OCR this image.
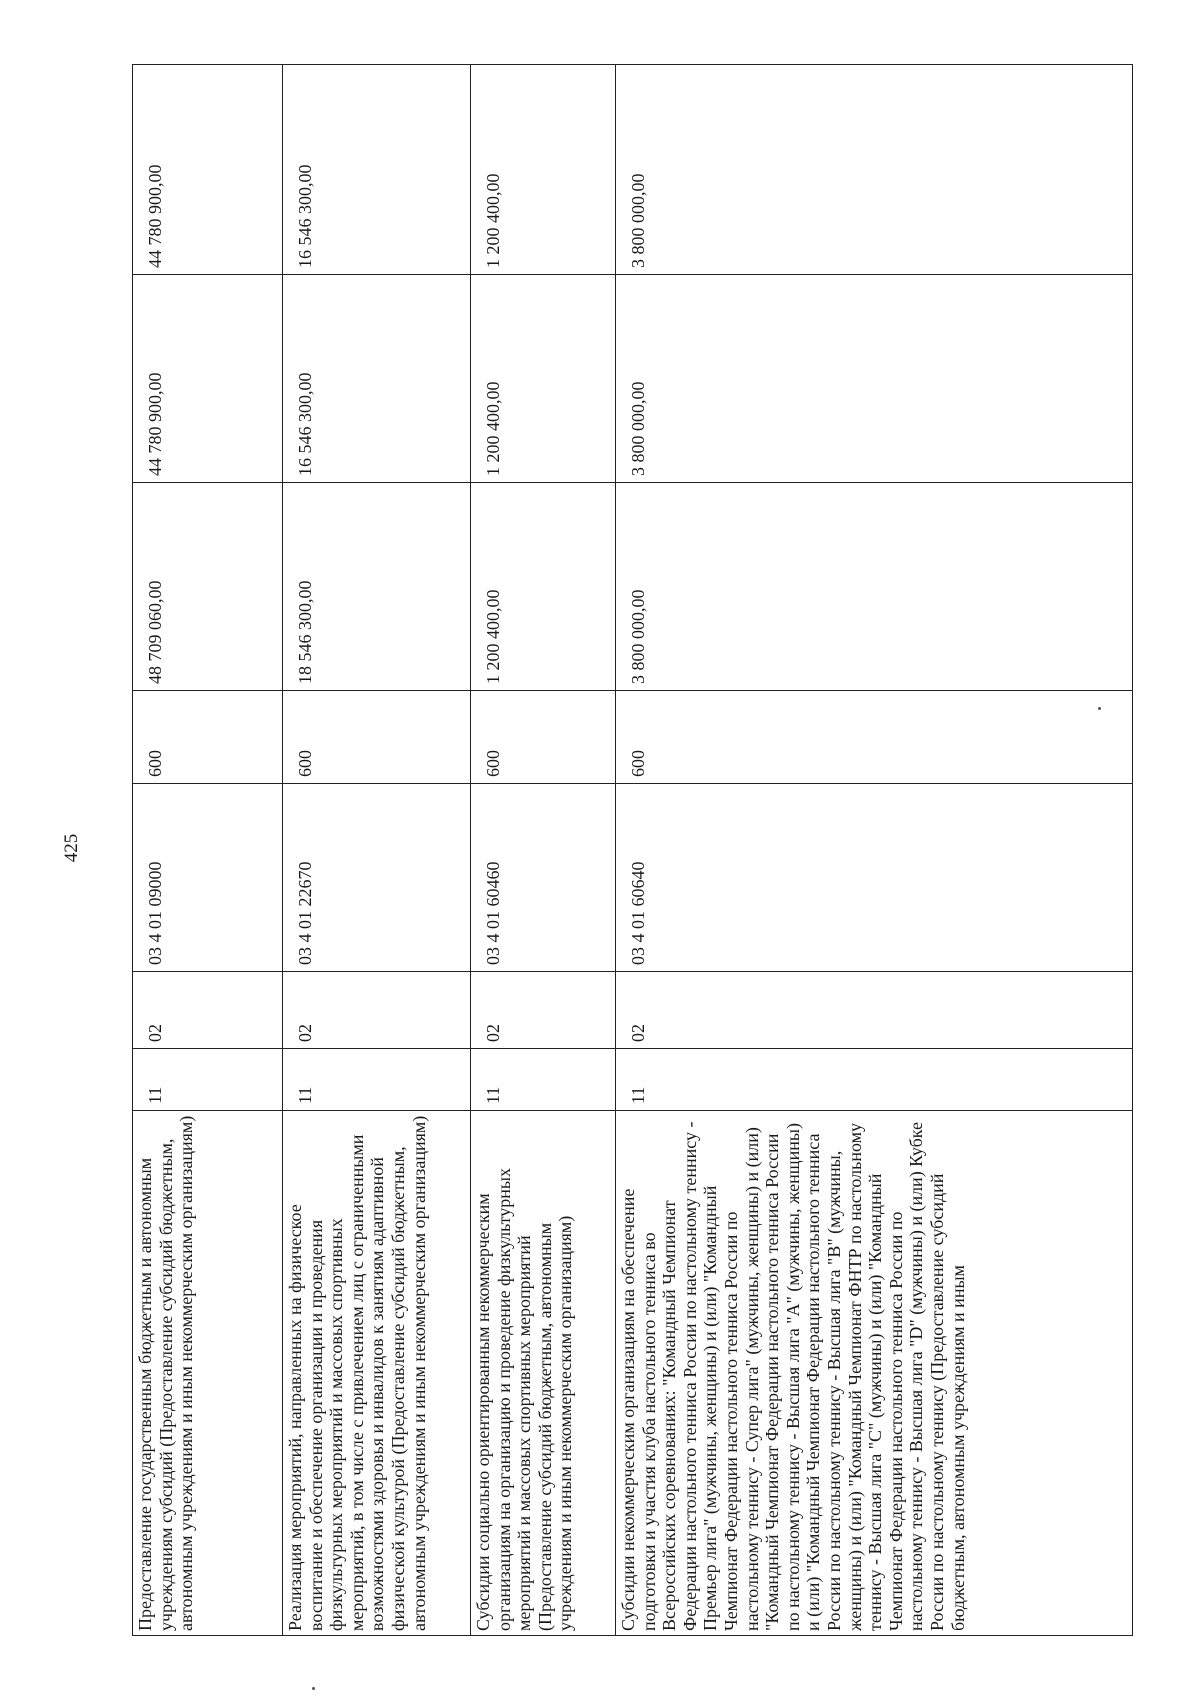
425
Предоставление государственным бюджетным и автономным учреждениям субсидий (Предоставление субсидий бюджетным, автономным учреждениям и иным некоммерческим организациям)	11	02	03 4 01 09000	600	48 709 060,00	44 780 900,00	44 780 900,00
Реализация мероприятий, направленных на физическое воспитание и обеспечение организации и проведения физкультурных мероприятий и массовых спортивных мероприятий, в том числе с привлечением лиц с ограниченными возможностями здоровья и инвалидов к занятиям адаптивной физической культурой (Предоставление субсидий бюджетным, автономным учреждениям и иным некоммерческим организациям)	11	02	03 4 01 22670	600	18 546 300,00	16 546 300,00	16 546 300,00
Субсидии социально ориентированным некоммерческим организациям на организацию и проведение физкультурных мероприятий и массовых спортивных мероприятий (Предоставление субсидий бюджетным, автономным учреждениям и иным некоммерческим организациям)	11	02	03 4 01 60460	600	1 200 400,00	1 200 400,00	1 200 400,00
Субсидии некоммерческим организациям на обеспечение подготовки и участия клуба настольного тенниса во Всероссийских соревнованиях: "Командный Чемпионат Федерации настольного тенниса России по настольному теннису - Премьер лига" (мужчины, женщины) и (или) "Командный Чемпионат Федерации настольного тенниса России по настольному теннису - Супер лига" (мужчины, женщины) и (или) "Командный Чемпионат Федерации настольного тенниса России по настольному теннису - Высшая лига "А" (мужчины, женщины) и (или) "Командный Чемпионат Федерации настольного тенниса России по настольному теннису - Высшая лига "В" (мужчины, женщины) и (или) "Командный Чемпионат ФНТР по настольному теннису - Высшая лига "С" (мужчины) и (или) "Командный Чемпионат Федерации настольного тенниса России по настольному теннису - Высшая лига "D" (мужчины) и (или) Кубке России по настольному теннису (Предоставление субсидий бюджетным, автономным учреждениям и иным	11	02	03 4 01 60640	600	3 800 000,00	3 800 000,00	3 800 000,00
